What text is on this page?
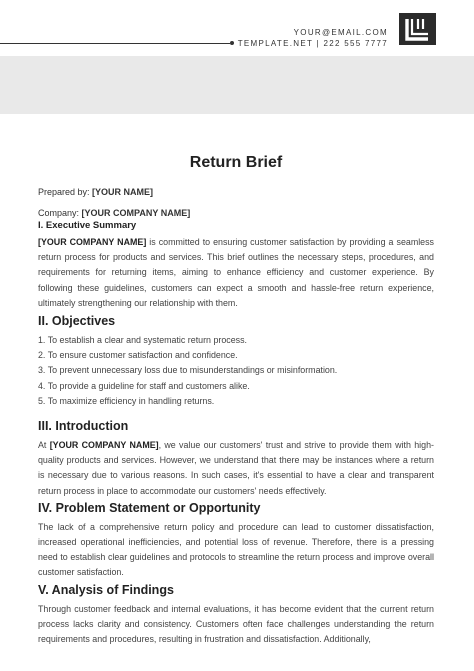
YOUR@EMAIL.COM
TEMPLATE.NET | 222 555 7777
Return Brief

Prepared by: [YOUR NAME]

Company: [YOUR COMPANY NAME]

I. Executive Summary

[YOUR COMPANY NAME] is committed to ensuring customer satisfaction by providing a seamless return process for products and services. This brief outlines the necessary steps, procedures, and requirements for returning items, aiming to enhance efficiency and customer experience. By following these guidelines, customers can expect a smooth and hassle-free return experience, ultimately strengthening our relationship with them.

II. Objectives
1. To establish a clear and systematic return process.
2. To ensure customer satisfaction and confidence.
3. To prevent unnecessary loss due to misunderstandings or misinformation.
4. To provide a guideline for staff and customers alike.
5. To maximize efficiency in handling returns.
III. Introduction

At [YOUR COMPANY NAME], we value our customers' trust and strive to provide them with high-quality products and services. However, we understand that there may be instances where a return is necessary due to various reasons. In such cases, it's essential to have a clear and transparent return process in place to accommodate our customers' needs effectively.

IV. Problem Statement or Opportunity

The lack of a comprehensive return policy and procedure can lead to customer dissatisfaction, increased operational inefficiencies, and potential loss of revenue. Therefore, there is a pressing need to establish clear guidelines and protocols to streamline the return process and improve overall customer satisfaction.

V. Analysis of Findings

Through customer feedback and internal evaluations, it has become evident that the current return process lacks clarity and consistency. Customers often face challenges understanding the return requirements and procedures, resulting in frustration and dissatisfaction. Additionally,
